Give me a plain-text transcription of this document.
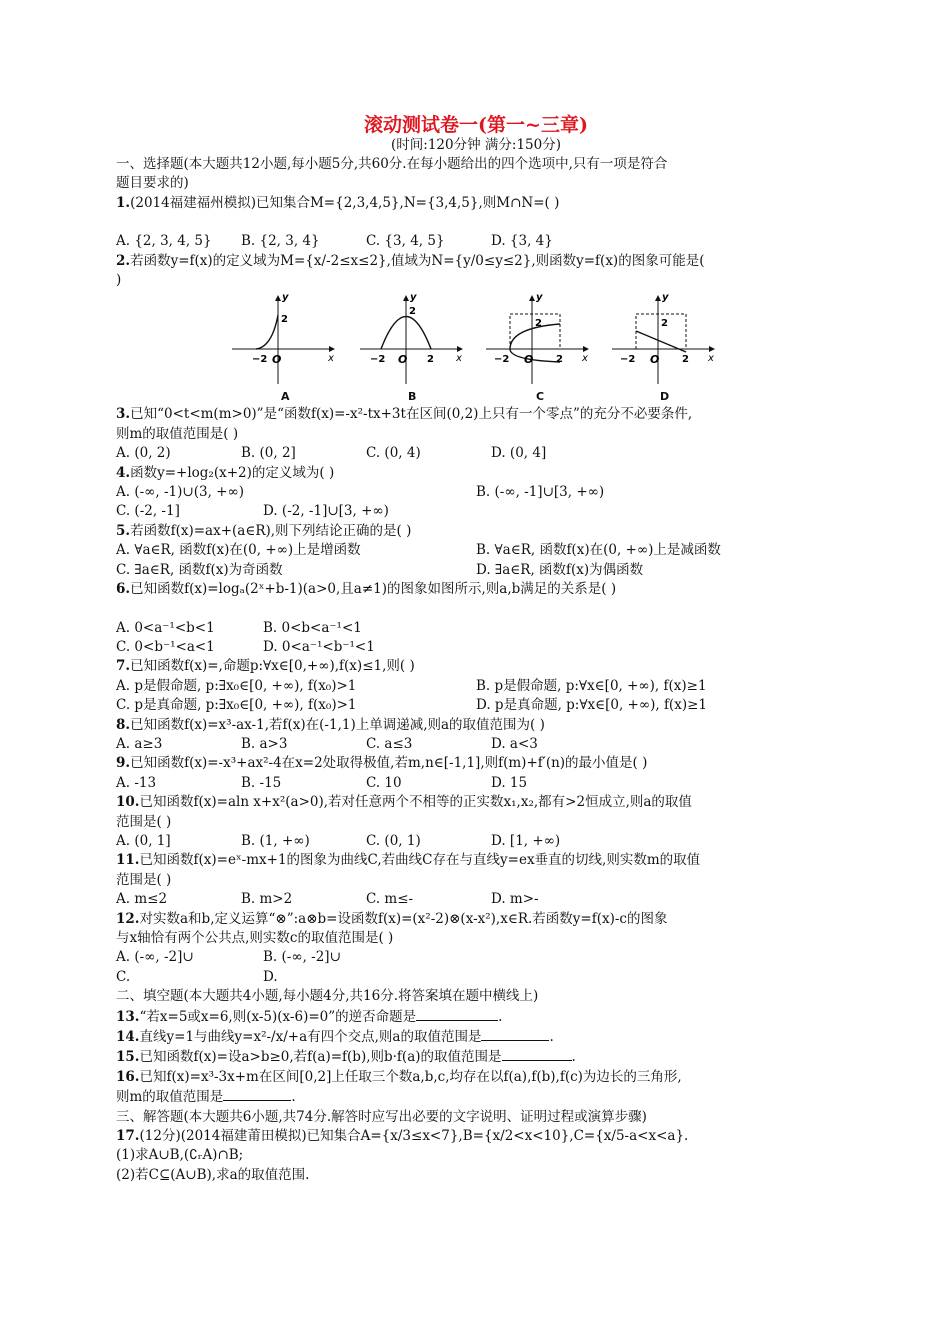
滚动测试卷一(第一~三章)
(时间:120分钟 满分:150分)
一、选择题(本大题共12小题,每小题5分,共60分.在每小题给出的四个选项中,只有一项是符合
题目要求的)
1.(2014福建福州模拟)已知集合M={2,3,4,5},N={3,4,5},则M∩N=( )
A. {2, 3, 4, 5}	B. {2, 3, 4}	C. {3, 4, 5}	D. {3, 4}
2.若函数y=f(x)的定义域为M={x/-2≤x≤2},值域为N={y/0≤y≤2},则函数y=f(x)的图象可能是(
)
y
x
2
−2 O
A
y
x
2
−2	2
O
B
y
x
2
−2	2
O
C
y
x
2
−2	2
O
D
3.已知“0<t<m(m>0)”是“函数f(x)=-x²-tx+3t在区间(0,2)上只有一个零点”的充分不必要条件,
则m的取值范围是( )
A. (0, 2)	B. (0, 2]	C. (0, 4)	D. (0, 4]
4.函数y=+log₂(x+2)的定义域为( )
A. (-∞, -1)∪(3, +∞)	B. (-∞, -1]∪[3, +∞)
C. (-2, -1]	D. (-2, -1]∪[3, +∞)
5.若函数f(x)=ax+(a∈R),则下列结论正确的是( )
A. ∀a∈R, 函数f(x)在(0, +∞)上是增函数	B. ∀a∈R, 函数f(x)在(0, +∞)上是减函数
C. ∃a∈R, 函数f(x)为奇函数	D. ∃a∈R, 函数f(x)为偶函数
6.已知函数f(x)=logₐ(2ˣ+b-1)(a>0,且a≠1)的图象如图所示,则a,b满足的关系是( )
A. 0<a⁻¹<b<1	B. 0<b<a⁻¹<1
C. 0<b⁻¹<a<1	D. 0<a⁻¹<b⁻¹<1
7.已知函数f(x)=,命题p:∀x∈[0,+∞),f(x)≤1,则( )
A. p是假命题, p:∃x₀∈[0, +∞), f(x₀)>1	B. p是假命题, p:∀x∈[0, +∞), f(x)≥1
C. p是真命题, p:∃x₀∈[0, +∞), f(x₀)>1	D. p是真命题, p:∀x∈[0, +∞), f(x)≥1
8.已知函数f(x)=x³-ax-1,若f(x)在(-1,1)上单调递减,则a的取值范围为( )
A. a≥3	B. a>3	C. a≤3	D. a<3
9.已知函数f(x)=-x³+ax²-4在x=2处取得极值,若m,n∈[-1,1],则f(m)+f′(n)的最小值是( )
A. -13	B. -15	C. 10	D. 15
10.已知函数f(x)=aln x+x²(a>0),若对任意两个不相等的正实数x₁,x₂,都有>2恒成立,则a的取值
范围是( )
A. (0, 1]	B. (1, +∞)	C. (0, 1)	D. [1, +∞)
11.已知函数f(x)=eˣ-mx+1的图象为曲线C,若曲线C存在与直线y=ex垂直的切线,则实数m的取值
范围是( )
A. m≤2	B. m>2	C. m≤-	D. m>-
12.对实数a和b,定义运算“⊗”:a⊗b=设函数f(x)=(x²-2)⊗(x-x²),x∈R.若函数y=f(x)-c的图象
与x轴恰有两个公共点,则实数c的取值范围是( )
A. (-∞, -2]∪	B. (-∞, -2]∪
C.	D.
二、填空题(本大题共4小题,每小题4分,共16分.将答案填在题中横线上)
13.“若x=5或x=6,则(x-5)(x-6)=0”的逆否命题是	.
14.直线y=1与曲线y=x²-/x/+a有四个交点,则a的取值范围是	.
15.已知函数f(x)=设a>b≥0,若f(a)=f(b),则b·f(a)的取值范围是	.
16.已知f(x)=x³-3x+m在区间[0,2]上任取三个数a,b,c,均存在以f(a),f(b),f(c)为边长的三角形,
则m的取值范围是	.
三、解答题(本大题共6小题,共74分.解答时应写出必要的文字说明、证明过程或演算步骤)
17.(12分)(2014福建莆田模拟)已知集合A={x/3≤x<7},B={x/2<x<10},C={x/5-a<x<a}.
(1)求A∪B,(∁ᵣA)∩B;
(2)若C⊆(A∪B),求a的取值范围.
